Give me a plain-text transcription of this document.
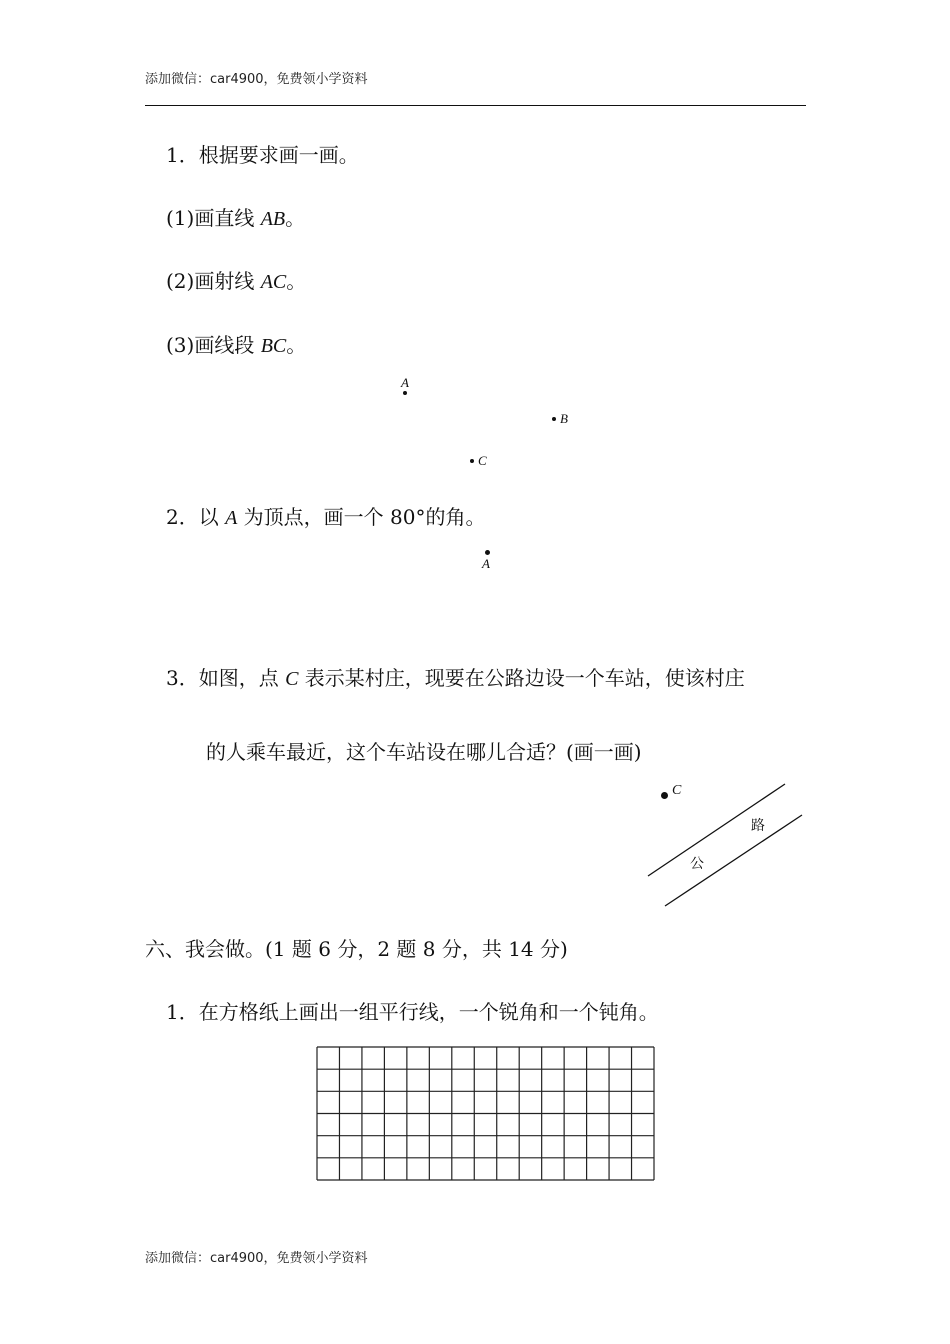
添加微信：car4900，免费领小学资料
1．根据要求画一画。
(1)画直线 AB。
(2)画射线 AC。
(3)画线段 BC。
A
B
C
2．以 A 为顶点，画一个 80°的角。
A
3．如图，点 C 表示某村庄，现要在公路边设一个车站，使该村庄
的人乘车最近，这个车站设在哪儿合适？(画一画)
C
路
公
六、我会做。(1 题 6 分，2 题 8 分，共 14 分)
1．在方格纸上画出一组平行线，一个锐角和一个钝角。
添加微信：car4900，免费领小学资料
